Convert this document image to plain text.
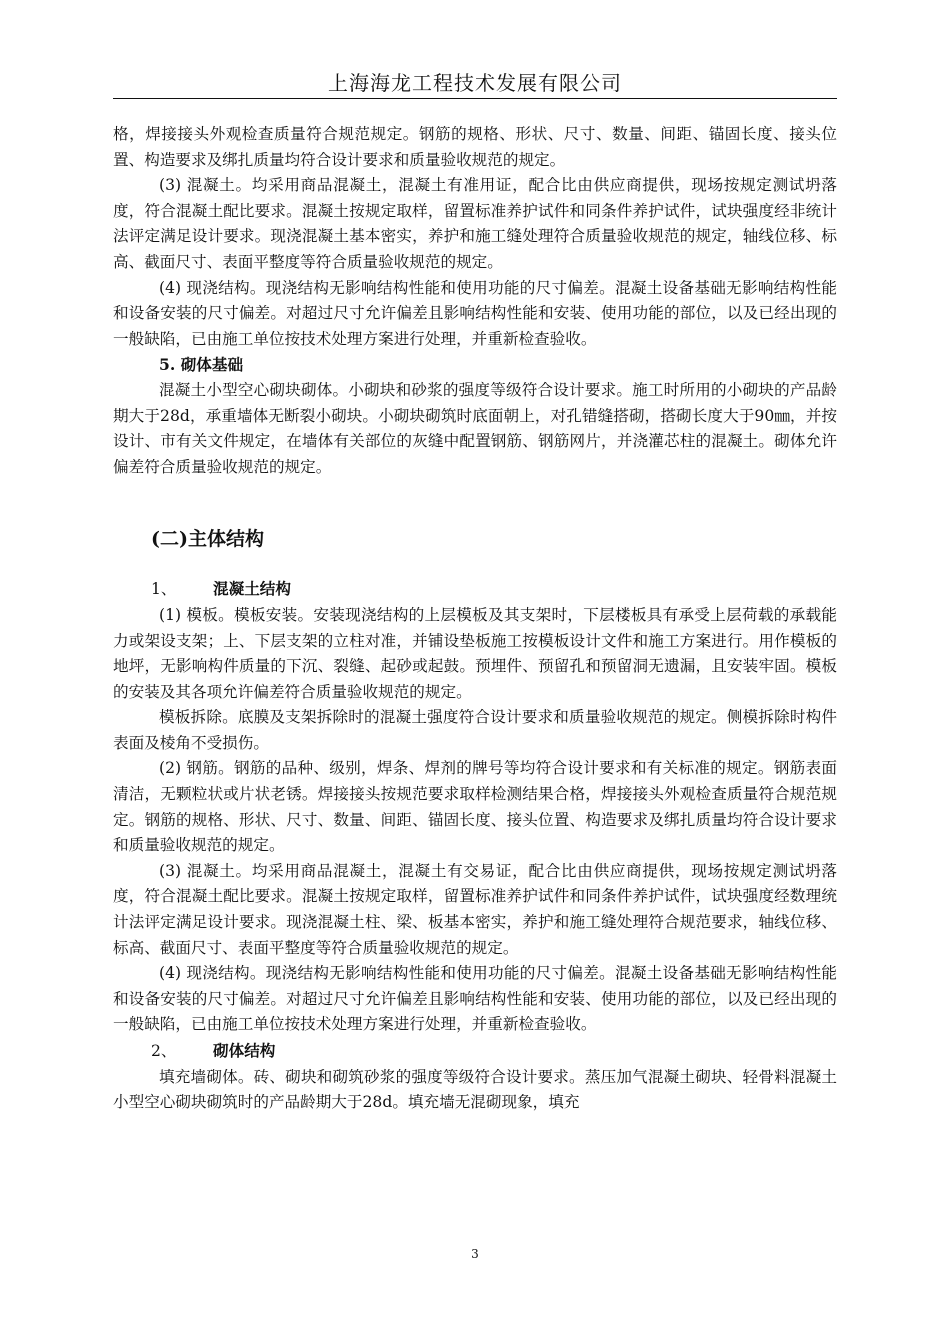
上海海龙工程技术发展有限公司

格，焊接接头外观检查质量符合规范规定。钢筋的规格、形状、尺寸、数量、间距、锚固长度、接头位置、构造要求及绑扎质量均符合设计要求和质量验收规范的规定。

(3) 混凝土。均采用商品混凝土，混凝土有准用证，配合比由供应商提供，现场按规定测试坍落度，符合混凝土配比要求。混凝土按规定取样，留置标准养护试件和同条件养护试件，试块强度经非统计法评定满足设计要求。现浇混凝土基本密实，养护和施工缝处理符合质量验收规范的规定，轴线位移、标高、截面尺寸、表面平整度等符合质量验收规范的规定。

(4) 现浇结构。现浇结构无影响结构性能和使用功能的尺寸偏差。混凝土设备基础无影响结构性能和设备安装的尺寸偏差。对超过尺寸允许偏差且影响结构性能和安装、使用功能的部位，以及已经出现的一般缺陷，已由施工单位按技术处理方案进行处理，并重新检查验收。

5. 砌体基础

混凝土小型空心砌块砌体。小砌块和砂浆的强度等级符合设计要求。施工时所用的小砌块的产品龄期大于28d，承重墙体无断裂小砌块。小砌块砌筑时底面朝上，对孔错缝搭砌，搭砌长度大于90㎜，并按设计、市有关文件规定，在墙体有关部位的灰缝中配置钢筋、钢筋网片，并浇灌芯柱的混凝土。砌体允许偏差符合质量验收规范的规定。

(二)主体结构

1、 混凝土结构

(1) 模板。模板安装。安装现浇结构的上层模板及其支架时，下层楼板具有承受上层荷载的承载能力或架设支架；上、下层支架的立柱对准，并铺设垫板施工按模板设计文件和施工方案进行。用作模板的地坪，无影响构件质量的下沉、裂缝、起砂或起鼓。预埋件、预留孔和预留洞无遗漏，且安装牢固。模板的安装及其各项允许偏差符合质量验收规范的规定。

模板拆除。底膜及支架拆除时的混凝土强度符合设计要求和质量验收规范的规定。侧模拆除时构件表面及棱角不受损伤。

(2) 钢筋。钢筋的品种、级别，焊条、焊剂的牌号等均符合设计要求和有关标准的规定。钢筋表面清洁，无颗粒状或片状老锈。焊接接头按规范要求取样检测结果合格，焊接接头外观检查质量符合规范规定。钢筋的规格、形状、尺寸、数量、间距、锚固长度、接头位置、构造要求及绑扎质量均符合设计要求和质量验收规范的规定。

(3) 混凝土。均采用商品混凝土，混凝土有交易证，配合比由供应商提供，现场按规定测试坍落度，符合混凝土配比要求。混凝土按规定取样，留置标准养护试件和同条件养护试件，试块强度经数理统计法评定满足设计要求。现浇混凝土柱、梁、板基本密实，养护和施工缝处理符合规范要求，轴线位移、标高、截面尺寸、表面平整度等符合质量验收规范的规定。

(4) 现浇结构。现浇结构无影响结构性能和使用功能的尺寸偏差。混凝土设备基础无影响结构性能和设备安装的尺寸偏差。对超过尺寸允许偏差且影响结构性能和安装、使用功能的部位，以及已经出现的一般缺陷，已由施工单位按技术处理方案进行处理，并重新检查验收。

2、 砌体结构

填充墙砌体。砖、砌块和砌筑砂浆的强度等级符合设计要求。蒸压加气混凝土砌块、轻骨料混凝土小型空心砌块砌筑时的产品龄期大于28d。填充墙无混砌现象，填充

3
